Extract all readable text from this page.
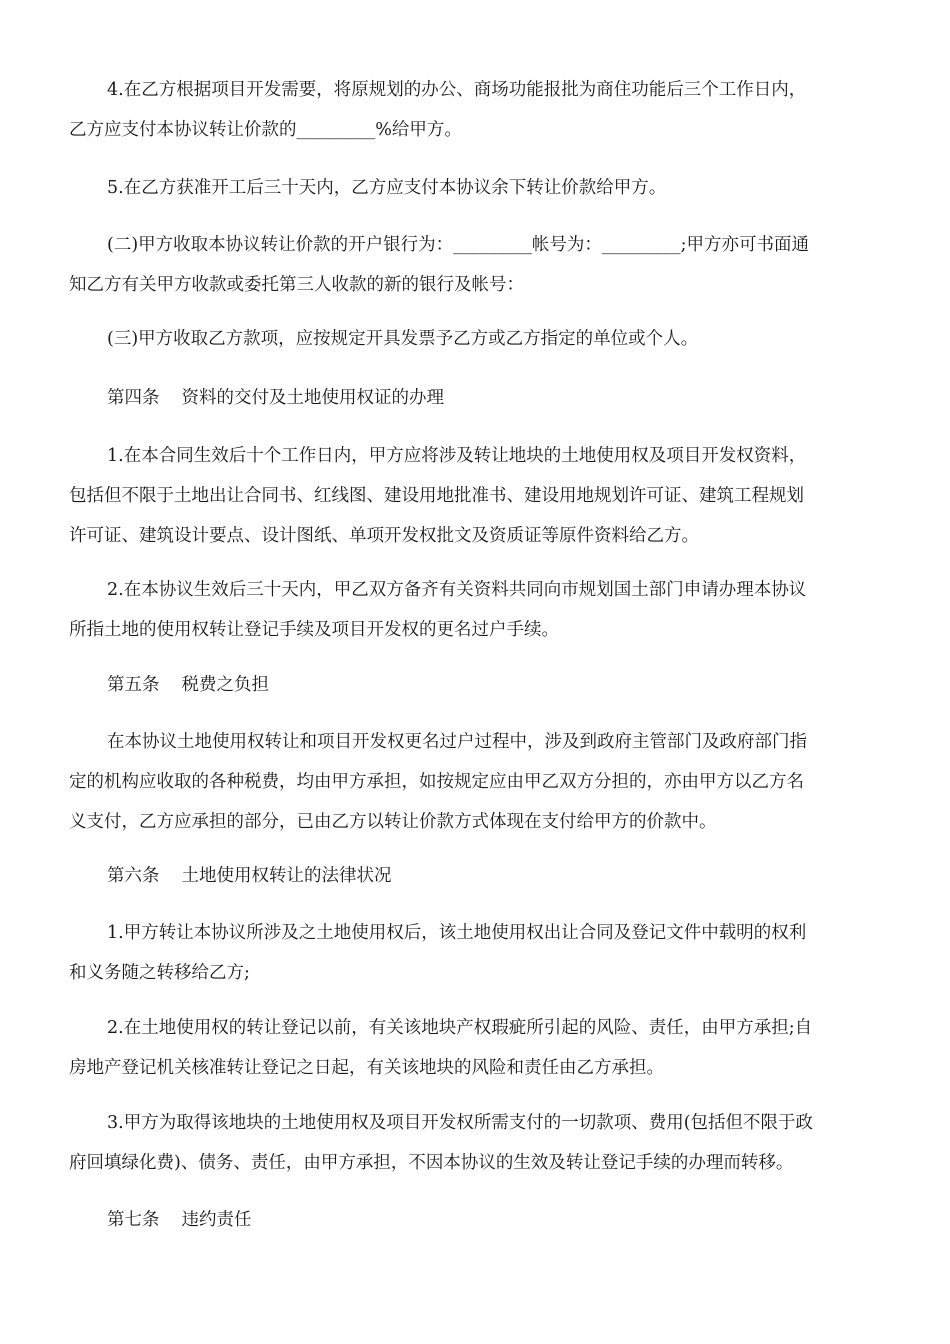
4.在乙方根据项目开发需要，将原规划的办公、商场功能报批为商住功能后三个工作日内，
乙方应支付本协议转让价款的_________%给甲方。
5.在乙方获准开工后三十天内，乙方应支付本协议余下转让价款给甲方。
(二)甲方收取本协议转让价款的开户银行为：_________帐号为：_________;甲方亦可书面通
知乙方有关甲方收款或委托第三人收款的新的银行及帐号：
(三)甲方收取乙方款项，应按规定开具发票予乙方或乙方指定的单位或个人。
第四条 资料的交付及土地使用权证的办理
1.在本合同生效后十个工作日内，甲方应将涉及转让地块的土地使用权及项目开发权资料，
包括但不限于土地出让合同书、红线图、建设用地批准书、建设用地规划许可证、建筑工程规划
许可证、建筑设计要点、设计图纸、单项开发权批文及资质证等原件资料给乙方。
2.在本协议生效后三十天内，甲乙双方备齐有关资料共同向市规划国土部门申请办理本协议
所指土地的使用权转让登记手续及项目开发权的更名过户手续。
第五条 税费之负担
在本协议土地使用权转让和项目开发权更名过户过程中，涉及到政府主管部门及政府部门指
定的机构应收取的各种税费，均由甲方承担，如按规定应由甲乙双方分担的，亦由甲方以乙方名
义支付，乙方应承担的部分，已由乙方以转让价款方式体现在支付给甲方的价款中。
第六条 土地使用权转让的法律状况
1.甲方转让本协议所涉及之土地使用权后，该土地使用权出让合同及登记文件中载明的权利
和义务随之转移给乙方;
2.在土地使用权的转让登记以前，有关该地块产权瑕疵所引起的风险、责任，由甲方承担;自
房地产登记机关核准转让登记之日起，有关该地块的风险和责任由乙方承担。
3.甲方为取得该地块的土地使用权及项目开发权所需支付的一切款项、费用(包括但不限于政
府回填绿化费)、债务、责任，由甲方承担，不因本协议的生效及转让登记手续的办理而转移。
第七条 违约责任
